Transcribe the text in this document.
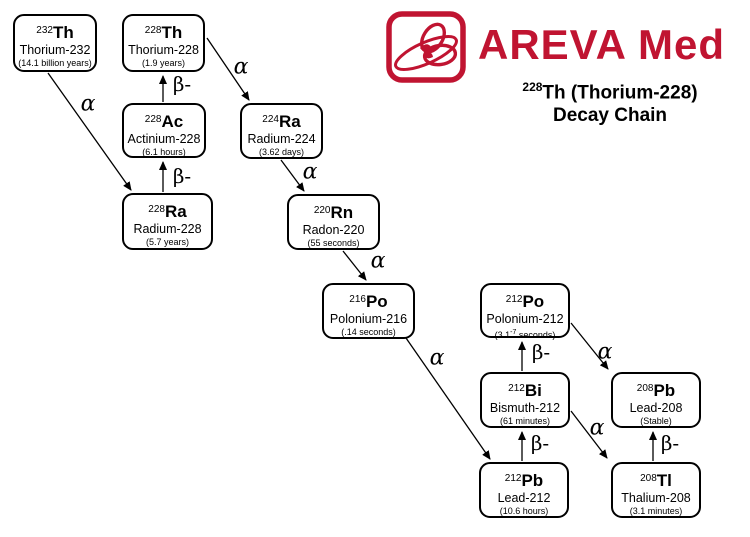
α
α
α
α
α	α
α
β-
β-
β-
β-	β-
$^{232}$Th
Thorium-232
(14.1 billion years)
$^{228}$Th
Thorium-228
(1.9 years)
$^{228}$Ac
Actinium-228
(6.1 hours)
$^{228}$Ra
Radium-228
(5.7 years)
$^{224}$Ra
Radium-224
(3.62 days)
$^{220}$Rn
Radon-220
(55 seconds)
$^{216}$Po
Polonium-216
(.14 seconds)
$^{212}$Po
Polonium-212
($3.1^{-7}$ seconds)
$^{212}$Bi
Bismuth-212
(61 minutes)
$^{208}$Pb
Lead-208
(Stable)
$^{212}$Pb
Lead-212
(10.6 hours)
$^{208}$Tl
Thalium-208
(3.1 minutes)
AREVA Med
$^{228}$Th (Thorium-228)
Decay Chain
